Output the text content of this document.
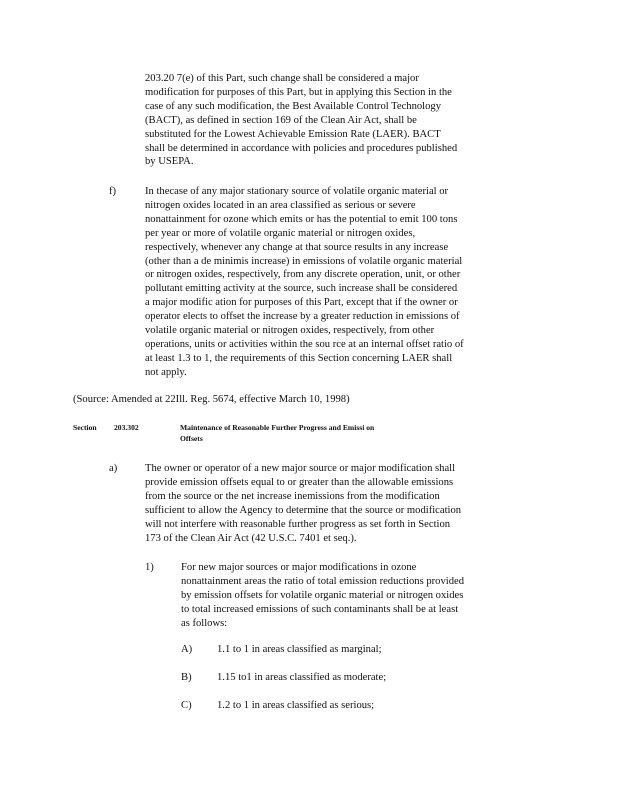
203.20 7(e) of this Part, such change shall be considered a major
modification for purposes of this Part, but in applying this Section in the
case of any such modification, the Best Available Control Technology
(BACT), as defined in section 169 of the Clean Air Act, shall be
substituted for the Lowest Achievable Emission Rate (LAER). BACT
shall be determined in accordance with policies and procedures published
by USEPA.
f)	In thecase of any major stationary source of volatile organic material or
nitrogen oxides located in an area classified as serious or severe
nonattainment for ozone which emits or has the potential to emit 100 tons
per year or more of volatile organic material or nitrogen oxides,
respectively, whenever any change at that source results in any increase
(other than a de minimis increase) in emissions of volatile organic material
or nitrogen oxides, respectively, from any discrete operation, unit, or other
pollutant emitting activity at the source, such increase shall be considered
a major modific ation for purposes of this Part, except that if the owner or
operator elects to offset the increase by a greater reduction in emissions of
volatile organic material or nitrogen oxides, respectively, from other
operations, units or activities within the sou rce at an internal offset ratio of
at least 1.3 to 1, the requirements of this Section concerning LAER shall
not apply.
(Source: Amended at 22Ill. Reg. 5674, effective March 10, 1998)
Section 203.302	Maintenance of Reasonable Further Progress and Emissi on
Offsets
a)	The owner or operator of a new major source or major modification shall
provide emission offsets equal to or greater than the allowable emissions
from the source or the net increase inemissions from the modification
sufficient to allow the Agency to determine that the source or modification
will not interfere with reasonable further progress as set forth in Section
173 of the Clean Air Act (42 U.S.C. 7401 et seq.).
1)	For new major sources or major modifications in ozone
nonattainment areas the ratio of total emission reductions provided
by emission offsets for volatile organic material or nitrogen oxides
to total increased emissions of such contaminants shall be at least
as follows:
A) 1.1 to 1 in areas classified as marginal;
B) 1.15 to1 in areas classified as moderate;
C) 1.2 to 1 in areas classified as serious;
